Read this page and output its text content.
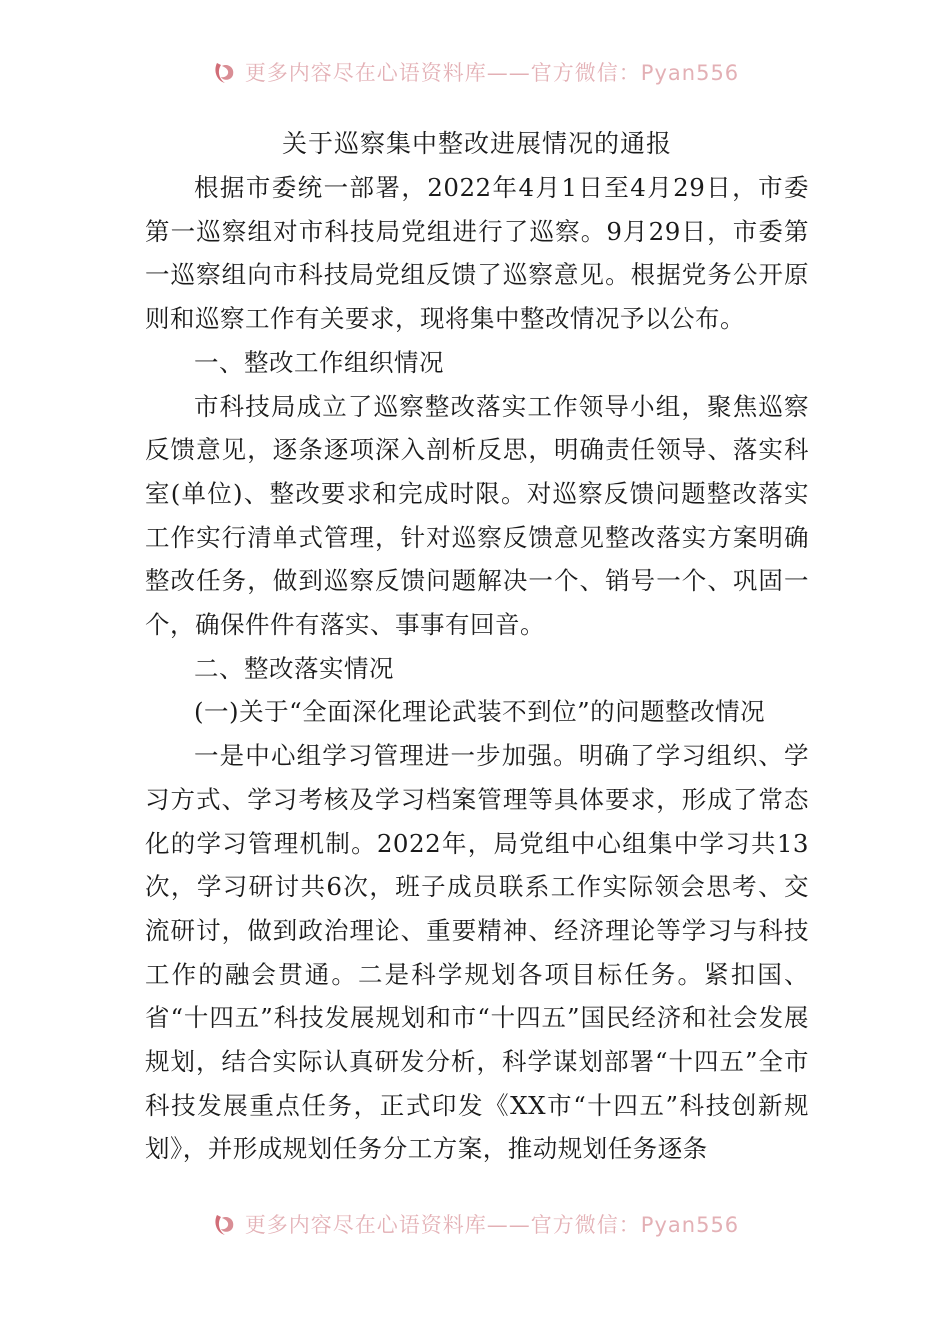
更多内容尽在心语资料库——官方微信：Pyan556
关于巡察集中整改进展情况的通报

根据市委统一部署，2022年4月1日至4月29日，市委第一巡察组对市科技局党组进行了巡察。9月29日，市委第一巡察组向市科技局党组反馈了巡察意见。根据党务公开原则和巡察工作有关要求，现将集中整改情况予以公布。

一、整改工作组织情况

市科技局成立了巡察整改落实工作领导小组，聚焦巡察反馈意见，逐条逐项深入剖析反思，明确责任领导、落实科室(单位)、整改要求和完成时限。对巡察反馈问题整改落实工作实行清单式管理，针对巡察反馈意见整改落实方案明确整改任务，做到巡察反馈问题解决一个、销号一个、巩固一个，确保件件有落实、事事有回音。

二、整改落实情况

(一)关于“全面深化理论武装不到位”的问题整改情况

一是中心组学习管理进一步加强。明确了学习组织、学习方式、学习考核及学习档案管理等具体要求，形成了常态化的学习管理机制。2022年，局党组中心组集中学习共13次，学习研讨共6次，班子成员联系工作实际领会思考、交流研讨，做到政治理论、重要精神、经济理论等学习与科技工作的融会贯通。二是科学规划各项目标任务。紧扣国、省“十四五”科技发展规划和市“十四五”国民经济和社会发展规划，结合实际认真研发分析，科学谋划部署“十四五”全市科技发展重点任务，正式印发《XX市“十四五”科技创新规划》，并形成规划任务分工方案，推动规划任务逐条

更多内容尽在心语资料库——官方微信：Pyan556
